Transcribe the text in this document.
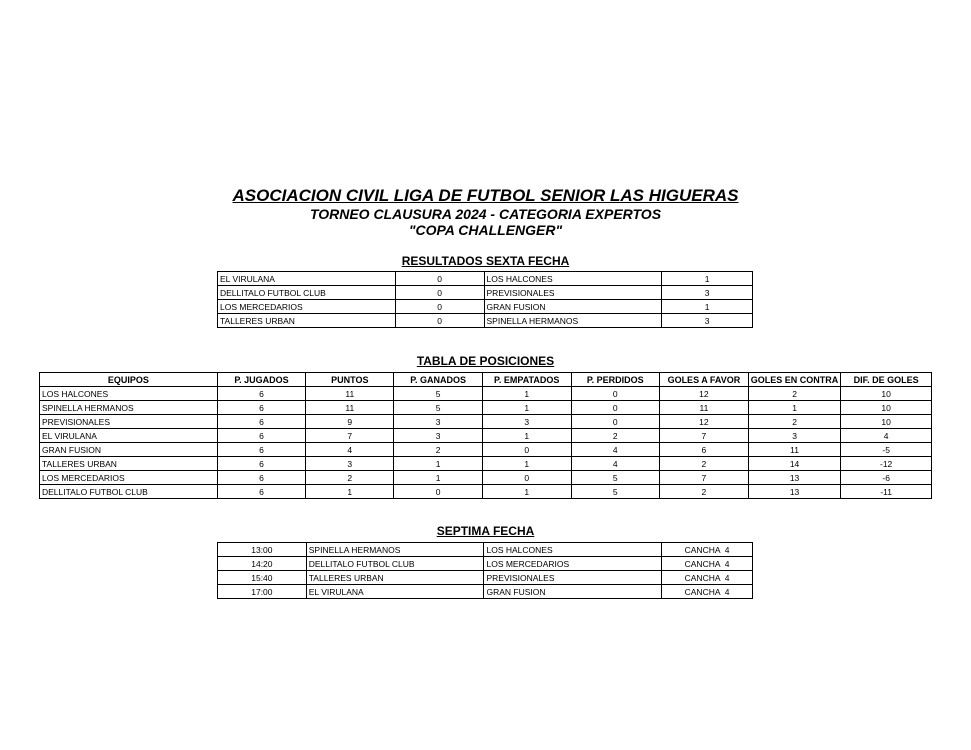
ASOCIACION CIVIL LIGA DE FUTBOL SENIOR LAS HIGUERAS
TORNEO CLAUSURA 2024 - CATEGORIA EXPERTOS
"COPA CHALLENGER"
RESULTADOS SEXTA FECHA
EL VIRULANA	0	LOS HALCONES	1
DELLITALO FUTBOL CLUB	0	PREVISIONALES	3
LOS MERCEDARIOS	0	GRAN FUSION	1
TALLERES URBAN	0	SPINELLA HERMANOS	3
TABLA DE POSICIONES
EQUIPOS	P. JUGADOS	PUNTOS	P. GANADOS	P. EMPATADOS	P. PERDIDOS	GOLES A FAVOR	GOLES EN CONTRA	DIF. DE GOLES
LOS HALCONES	6	11	5	1	0	12	2	10
SPINELLA HERMANOS	6	11	5	1	0	11	1	10
PREVISIONALES	6	9	3	3	0	12	2	10
EL VIRULANA	6	7	3	1	2	7	3	4
GRAN FUSION	6	4	2	0	4	6	11	-5
TALLERES URBAN	6	3	1	1	4	2	14	-12
LOS MERCEDARIOS	6	2	1	0	5	7	13	-6
DELLITALO FUTBOL CLUB	6	1	0	1	5	2	13	-11
SEPTIMA FECHA
13:00	SPINELLA HERMANOS	LOS HALCONES	CANCHA  4
14:20	DELLITALO FUTBOL CLUB	LOS MERCEDARIOS	CANCHA  4
15:40	TALLERES URBAN	PREVISIONALES	CANCHA  4
17:00	EL VIRULANA	GRAN FUSION	CANCHA  4
